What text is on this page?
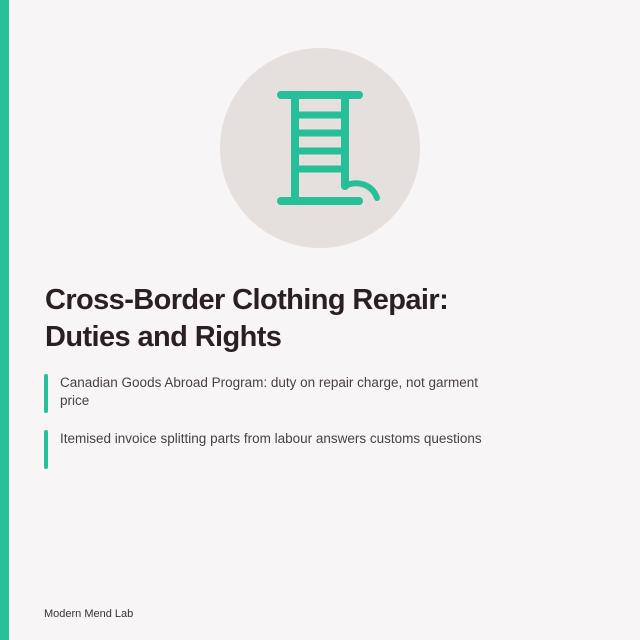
Cross-Border Clothing Repair:
Duties and Rights
Canadian Goods Abroad Program: duty on repair charge, not garment price
Itemised invoice splitting parts from labour answers customs questions
Modern Mend Lab
